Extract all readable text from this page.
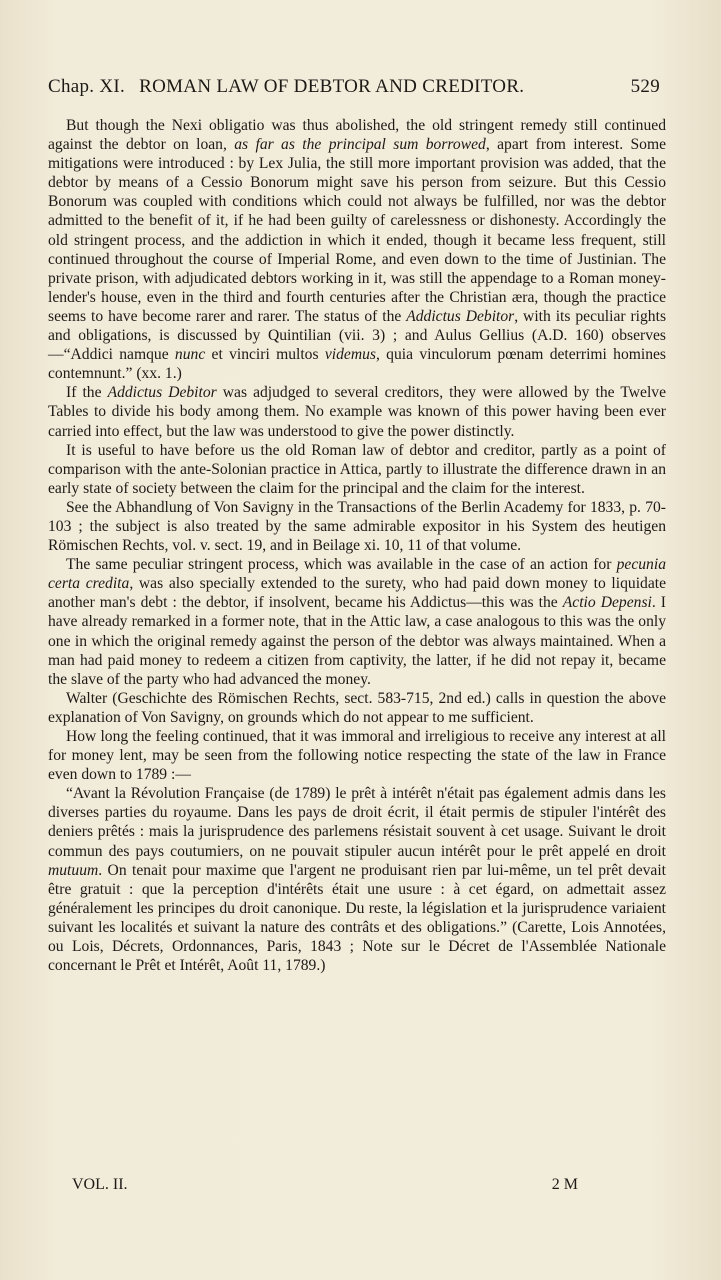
Chap. XI. ROMAN LAW OF DEBTOR AND CREDITOR.	529

But though the Nexi obligatio was thus abolished, the old stringent remedy still continued against the debtor on loan, as far as the principal sum borrowed, apart from interest. Some mitigations were introduced : by Lex Julia, the still more important provision was added, that the debtor by means of a Cessio Bonorum might save his person from seizure. But this Cessio Bonorum was coupled with conditions which could not always be fulfilled, nor was the debtor admitted to the benefit of it, if he had been guilty of carelessness or dishonesty. Accordingly the old stringent process, and the addiction in which it ended, though it became less frequent, still continued throughout the course of Imperial Rome, and even down to the time of Justinian. The private prison, with adjudicated debtors working in it, was still the appendage to a Roman money-lender's house, even in the third and fourth centuries after the Christian æra, though the practice seems to have become rarer and rarer. The status of the Addictus Debitor, with its peculiar rights and obligations, is discussed by Quintilian (vii. 3) ; and Aulus Gellius (A.D. 160) observes—“Addici namque nunc et vinciri multos videmus, quia vinculorum pœnam deterrimi homines contemnunt.” (xx. 1.)

If the Addictus Debitor was adjudged to several creditors, they were allowed by the Twelve Tables to divide his body among them. No example was known of this power having been ever carried into effect, but the law was understood to give the power distinctly.

It is useful to have before us the old Roman law of debtor and creditor, partly as a point of comparison with the ante-Solonian practice in Attica, partly to illustrate the difference drawn in an early state of society between the claim for the principal and the claim for the interest.

See the Abhandlung of Von Savigny in the Transactions of the Berlin Academy for 1833, p. 70-103 ; the subject is also treated by the same admirable expositor in his System des heutigen Römischen Rechts, vol. v. sect. 19, and in Beilage xi. 10, 11 of that volume.

The same peculiar stringent process, which was available in the case of an action for pecunia certa credita, was also specially extended to the surety, who had paid down money to liquidate another man's debt : the debtor, if insolvent, became his Addictus—this was the Actio Depensi. I have already remarked in a former note, that in the Attic law, a case analogous to this was the only one in which the original remedy against the person of the debtor was always maintained. When a man had paid money to redeem a citizen from captivity, the latter, if he did not repay it, became the slave of the party who had advanced the money.

Walter (Geschichte des Römischen Rechts, sect. 583-715, 2nd ed.) calls in question the above explanation of Von Savigny, on grounds which do not appear to me sufficient.

How long the feeling continued, that it was immoral and irreligious to receive any interest at all for money lent, may be seen from the following notice respecting the state of the law in France even down to 1789 :—

“Avant la Révolution Française (de 1789) le prêt à intérêt n'était pas également admis dans les diverses parties du royaume. Dans les pays de droit écrit, il était permis de stipuler l'intérêt des deniers prêtés : mais la jurisprudence des parlemens résistait souvent à cet usage. Suivant le droit commun des pays coutumiers, on ne pouvait stipuler aucun intérêt pour le prêt appelé en droit mutuum. On tenait pour maxime que l'argent ne produisant rien par lui-même, un tel prêt devait être gratuit : que la perception d'intérêts était une usure : à cet égard, on admettait assez généralement les principes du droit canonique. Du reste, la législation et la jurisprudence variaient suivant les localités et suivant la nature des contrâts et des obligations.” (Carette, Lois Annotées, ou Lois, Décrets, Ordonnances, Paris, 1843 ; Note sur le Décret de l'Assemblée Nationale concernant le Prêt et Intérêt, Août 11, 1789.)

VOL. II.	2 M
